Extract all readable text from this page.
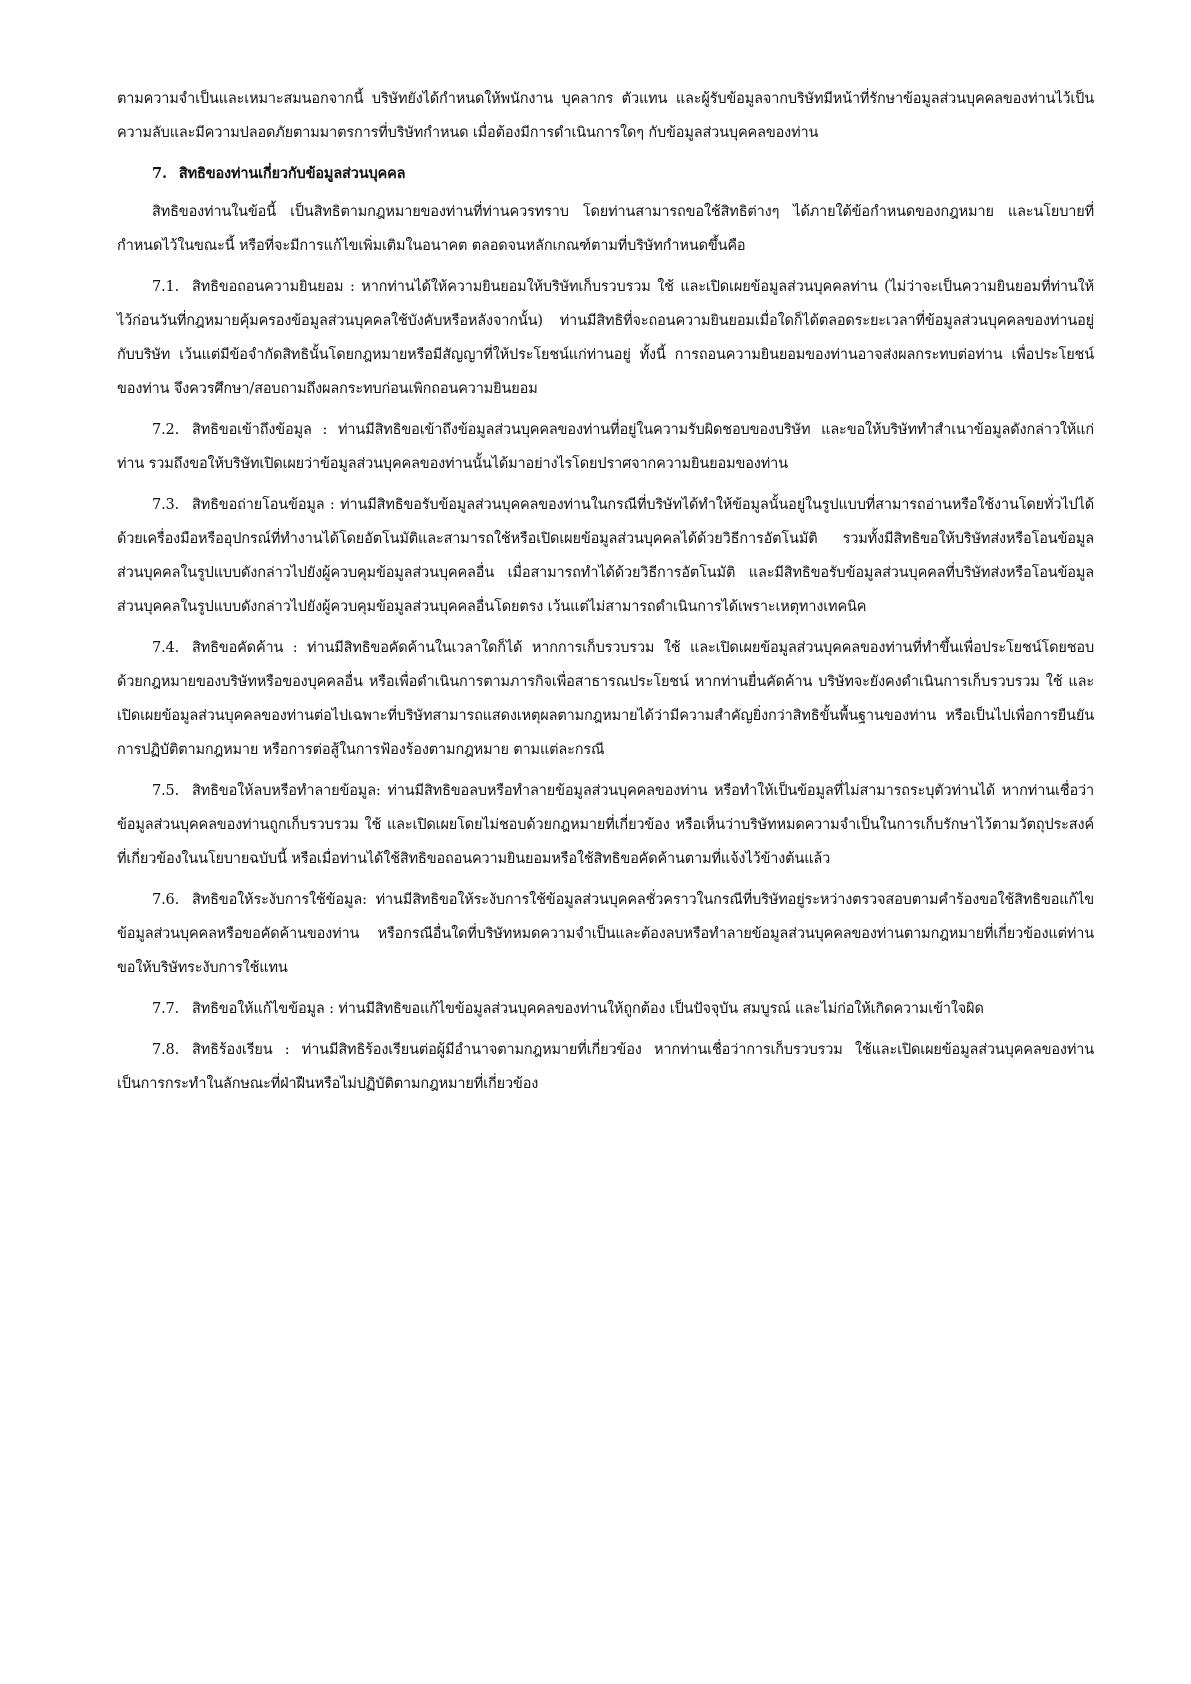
ตามความจำเป็นและเหมาะสมนอกจากนี้ บริษัทยังได้กำหนดให้พนักงาน บุคลากร ตัวแทน และผู้รับข้อมูลจากบริษัทมีหน้าที่รักษาข้อมูลส่วนบุคคลของท่านไว้เป็นความลับและมีความปลอดภัยตามมาตรการที่บริษัทกำหนด เมื่อต้องมีการดำเนินการใดๆ กับข้อมูลส่วนบุคคลของท่าน

7. สิทธิของท่านเกี่ยวกับข้อมูลส่วนบุคคล

สิทธิของท่านในข้อนี้ เป็นสิทธิตามกฎหมายของท่านที่ท่านควรทราบ โดยท่านสามารถขอใช้สิทธิต่างๆ ได้ภายใต้ข้อกำหนดของกฎหมาย และนโยบายที่กำหนดไว้ในขณะนี้ หรือที่จะมีการแก้ไขเพิ่มเติมในอนาคต ตลอดจนหลักเกณฑ์ตามที่บริษัทกำหนดขึ้นคือ

7.1. สิทธิขอถอนความยินยอม : หากท่านได้ให้ความยินยอมให้บริษัทเก็บรวบรวม ใช้ และเปิดเผยข้อมูลส่วนบุคคลท่าน (ไม่ว่าจะเป็นความยินยอมที่ท่านให้ไว้ก่อนวันที่กฎหมายคุ้มครองข้อมูลส่วนบุคคลใช้บังคับหรือหลังจากนั้น) ท่านมีสิทธิที่จะถอนความยินยอมเมื่อใดก็ได้ตลอดระยะเวลาที่ข้อมูลส่วนบุคคลของท่านอยู่กับบริษัท เว้นแต่มีข้อจำกัดสิทธินั้นโดยกฎหมายหรือมีสัญญาที่ให้ประโยชน์แก่ท่านอยู่ ทั้งนี้ การถอนความยินยอมของท่านอาจส่งผลกระทบต่อท่าน เพื่อประโยชน์ของท่าน จึงควรศึกษา/สอบถามถึงผลกระทบก่อนเพิกถอนความยินยอม

7.2. สิทธิขอเข้าถึงข้อมูล : ท่านมีสิทธิขอเข้าถึงข้อมูลส่วนบุคคลของท่านที่อยู่ในความรับผิดชอบของบริษัท และขอให้บริษัททำสำเนาข้อมูลดังกล่าวให้แก่ท่าน รวมถึงขอให้บริษัทเปิดเผยว่าข้อมูลส่วนบุคคลของท่านนั้นได้มาอย่างไรโดยปราศจากความยินยอมของท่าน

7.3. สิทธิขอถ่ายโอนข้อมูล : ท่านมีสิทธิขอรับข้อมูลส่วนบุคคลของท่านในกรณีที่บริษัทได้ทำให้ข้อมูลนั้นอยู่ในรูปแบบที่สามารถอ่านหรือใช้งานโดยทั่วไปได้ด้วยเครื่องมือหรืออุปกรณ์ที่ทำงานได้โดยอัตโนมัติและสามารถใช้หรือเปิดเผยข้อมูลส่วนบุคคลได้ด้วยวิธีการอัตโนมัติ รวมทั้งมีสิทธิขอให้บริษัทส่งหรือโอนข้อมูลส่วนบุคคลในรูปแบบดังกล่าวไปยังผู้ควบคุมข้อมูลส่วนบุคคลอื่น เมื่อสามารถทำได้ด้วยวิธีการอัตโนมัติ และมีสิทธิขอรับข้อมูลส่วนบุคคลที่บริษัทส่งหรือโอนข้อมูลส่วนบุคคลในรูปแบบดังกล่าวไปยังผู้ควบคุมข้อมูลส่วนบุคคลอื่นโดยตรง เว้นแต่ไม่สามารถดำเนินการได้เพราะเหตุทางเทคนิค

7.4. สิทธิขอคัดค้าน : ท่านมีสิทธิขอคัดค้านในเวลาใดก็ได้ หากการเก็บรวบรวม ใช้ และเปิดเผยข้อมูลส่วนบุคคลของท่านที่ทำขึ้นเพื่อประโยชน์โดยชอบด้วยกฎหมายของบริษัทหรือของบุคคลอื่น หรือเพื่อดำเนินการตามภารกิจเพื่อสาธารณประโยชน์ หากท่านยื่นคัดค้าน บริษัทจะยังคงดำเนินการเก็บรวบรวม ใช้ และเปิดเผยข้อมูลส่วนบุคคลของท่านต่อไปเฉพาะที่บริษัทสามารถแสดงเหตุผลตามกฎหมายได้ว่ามีความสำคัญยิ่งกว่าสิทธิขั้นพื้นฐานของท่าน หรือเป็นไปเพื่อการยืนยัน การปฏิบัติตามกฎหมาย หรือการต่อสู้ในการฟ้องร้องตามกฎหมาย ตามแต่ละกรณี

7.5. สิทธิขอให้ลบหรือทำลายข้อมูล: ท่านมีสิทธิขอลบหรือทำลายข้อมูลส่วนบุคคลของท่าน หรือทำให้เป็นข้อมูลที่ไม่สามารถระบุตัวท่านได้ หากท่านเชื่อว่าข้อมูลส่วนบุคคลของท่านถูกเก็บรวบรวม ใช้ และเปิดเผยโดยไม่ชอบด้วยกฎหมายที่เกี่ยวข้อง หรือเห็นว่าบริษัทหมดความจำเป็นในการเก็บรักษาไว้ตามวัตถุประสงค์ที่เกี่ยวข้องในนโยบายฉบับนี้ หรือเมื่อท่านได้ใช้สิทธิขอถอนความยินยอมหรือใช้สิทธิขอคัดค้านตามที่แจ้งไว้ข้างต้นแล้ว

7.6. สิทธิขอให้ระงับการใช้ข้อมูล: ท่านมีสิทธิขอให้ระงับการใช้ข้อมูลส่วนบุคคลชั่วคราวในกรณีที่บริษัทอยู่ระหว่างตรวจสอบตามคำร้องขอใช้สิทธิขอแก้ไขข้อมูลส่วนบุคคลหรือขอคัดค้านของท่าน หรือกรณีอื่นใดที่บริษัทหมดความจำเป็นและต้องลบหรือทำลายข้อมูลส่วนบุคคลของท่านตามกฎหมายที่เกี่ยวข้องแต่ท่านขอให้บริษัทระงับการใช้แทน

7.7. สิทธิขอให้แก้ไขข้อมูล : ท่านมีสิทธิขอแก้ไขข้อมูลส่วนบุคคลของท่านให้ถูกต้อง เป็นปัจจุบัน สมบูรณ์ และไม่ก่อให้เกิดความเข้าใจผิด

7.8. สิทธิร้องเรียน : ท่านมีสิทธิร้องเรียนต่อผู้มีอำนาจตามกฎหมายที่เกี่ยวข้อง หากท่านเชื่อว่าการเก็บรวบรวม ใช้และเปิดเผยข้อมูลส่วนบุคคลของท่านเป็นการกระทำในลักษณะที่ฝ่าฝืนหรือไม่ปฏิบัติตามกฎหมายที่เกี่ยวข้อง
